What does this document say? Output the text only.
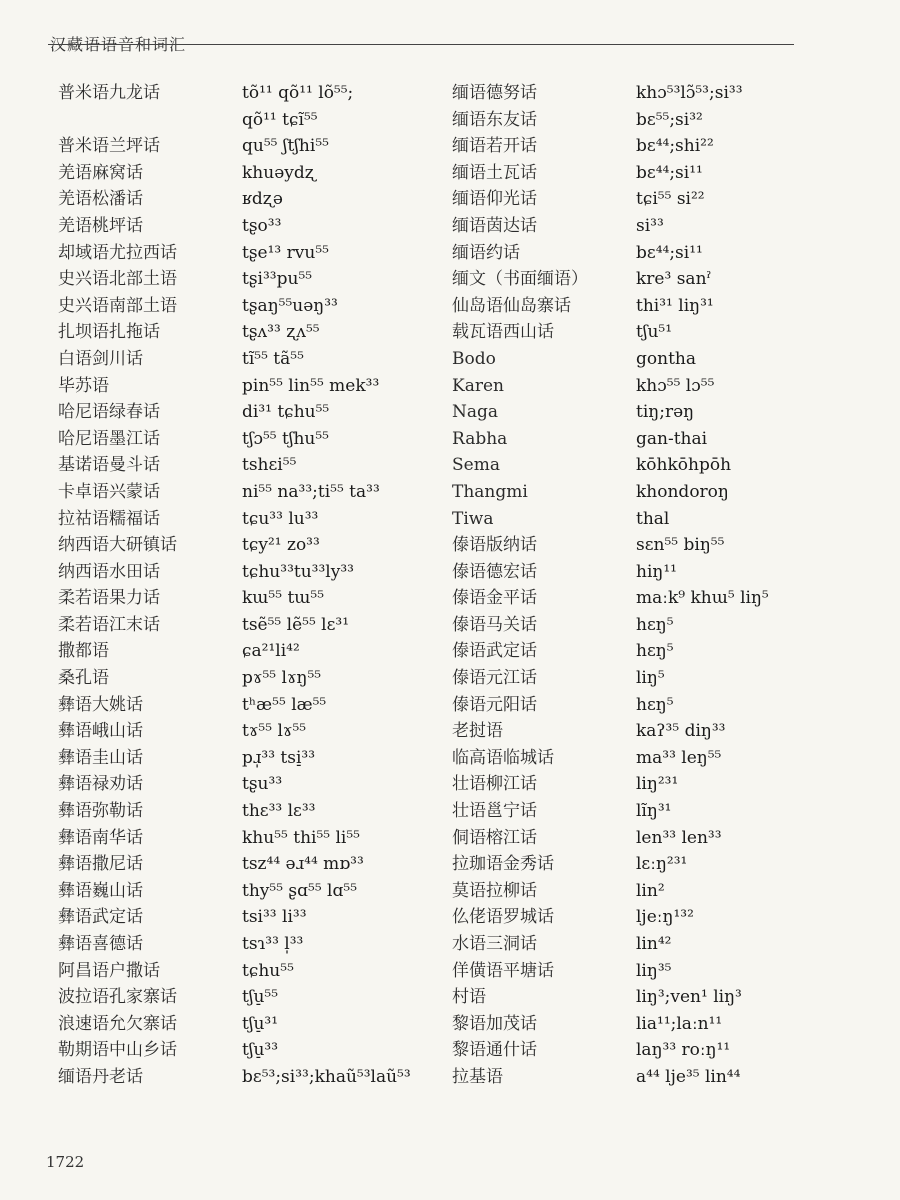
汉藏语语音和词汇
普米语九龙话
普米语兰坪话
羌语麻窝话
羌语松潘话
羌语桃坪话
却域语尤拉西话
史兴语北部土语
史兴语南部土语
扎坝语扎拖话
白语剑川话
毕苏语
哈尼语绿春话
哈尼语墨江话
基诺语曼斗话
卡卓语兴蒙话
拉祜语糯福话
纳西语大研镇话
纳西语水田话
柔若语果力话
柔若语江末话
撒都语
桑孔语
彝语大姚话
彝语峨山话
彝语圭山话
彝语禄劝话
彝语弥勒话
彝语南华话
彝语撒尼话
彝语巍山话
彝语武定话
彝语喜德话
阿昌语户撒话
波拉语孔家寨话
浪速语允欠寨话
勒期语中山乡话
缅语丹老话
tõ¹¹ qõ¹¹ lõ⁵⁵;
qõ¹¹ tɕĩ⁵⁵
qu⁵⁵ ʃtʃhi⁵⁵
khuəydʐ
ʁdʐə
tʂo³³
tʂe¹³ rvu⁵⁵
tʂi³³pu⁵⁵
tʂaŋ⁵⁵uəŋ³³
tʂʌ³³ ʐʌ⁵⁵
tĩ⁵⁵ tã⁵⁵
pin⁵⁵ lin⁵⁵ mek³³
di³¹ tɕhu⁵⁵
tʃɔ⁵⁵ tʃhu⁵⁵
tshɛi⁵⁵
ni⁵⁵ na³³;ti⁵⁵ ta³³
tɕu³³ lu³³
tɕy²¹ zo³³
tɕhu³³tu³³ly³³
kɯ⁵⁵ tɯ⁵⁵
tsẽ⁵⁵ lẽ⁵⁵ lɛ³¹
ɕa²¹li⁴²
pɤ⁵⁵ lɤŋ⁵⁵
tʰæ⁵⁵ læ⁵⁵
tɤ⁵⁵ lɤ⁵⁵
pɹ̩³³ tsi̠³³
tʂu³³
thɛ³³ lɛ³³
khu⁵⁵ thi⁵⁵ li⁵⁵
tsz⁴⁴ əɹ⁴⁴ mɒ³³
thy⁵⁵ ʂɑ⁵⁵ lɑ⁵⁵
tsi³³ li³³
tsɿ³³ l̩³³
tɕhu⁵⁵
tʃu̠⁵⁵
tʃu̠³¹
tʃu̠³³
bɛ⁵³;si³³;khaũ⁵³laũ⁵³
缅语德努话
缅语东友话
缅语若开话
缅语土瓦话
缅语仰光话
缅语茵达话
缅语约话
缅文（书面缅语）
仙岛语仙岛寨话
载瓦语西山话
Bodo
Karen
Naga
Rabha
Sema
Thangmi
Tiwa
傣语版纳话
傣语德宏话
傣语金平话
傣语马关话
傣语武定话
傣语元江话
傣语元阳话
老挝语
临高语临城话
壮语柳江话
壮语邕宁话
侗语榕江话
拉珈语金秀话
莫语拉柳话
仫佬语罗城话
水语三洞话
佯僙语平塘话
村语
黎语加茂话
黎语通什话
拉基语
khɔ⁵³lɔ̃⁵³;si³³
bɛ⁵⁵;si³²
bɛ⁴⁴;shi²²
bɛ⁴⁴;si¹¹
tɕi⁵⁵ si²²
si³³
bɛ⁴⁴;si¹¹
kre³ sanˀ
thi³¹ liŋ³¹
tʃu⁵¹
gontha
khɔ⁵⁵ lɔ⁵⁵
tiŋ;rəŋ
gan-thai
kōhkōhpōh
khondoroŋ
thal
sɛn⁵⁵ biŋ⁵⁵
hiŋ¹¹
maːk⁹ khɯ⁵ liŋ⁵
hɛŋ⁵
hɛŋ⁵
liŋ⁵
hɛŋ⁵
kaʔ³⁵ diŋ³³
ma³³ leŋ⁵⁵
liŋ²³¹
lĩŋ³¹
len³³ len³³
lɛːŋ²³¹
lin²
ljeːŋ¹³²
lin⁴²
liŋ³⁵
liŋ³;ven¹ liŋ³
lia¹¹;laːn¹¹
laŋ³³ roːŋ¹¹
a⁴⁴ lje³⁵ lin⁴⁴
1722
